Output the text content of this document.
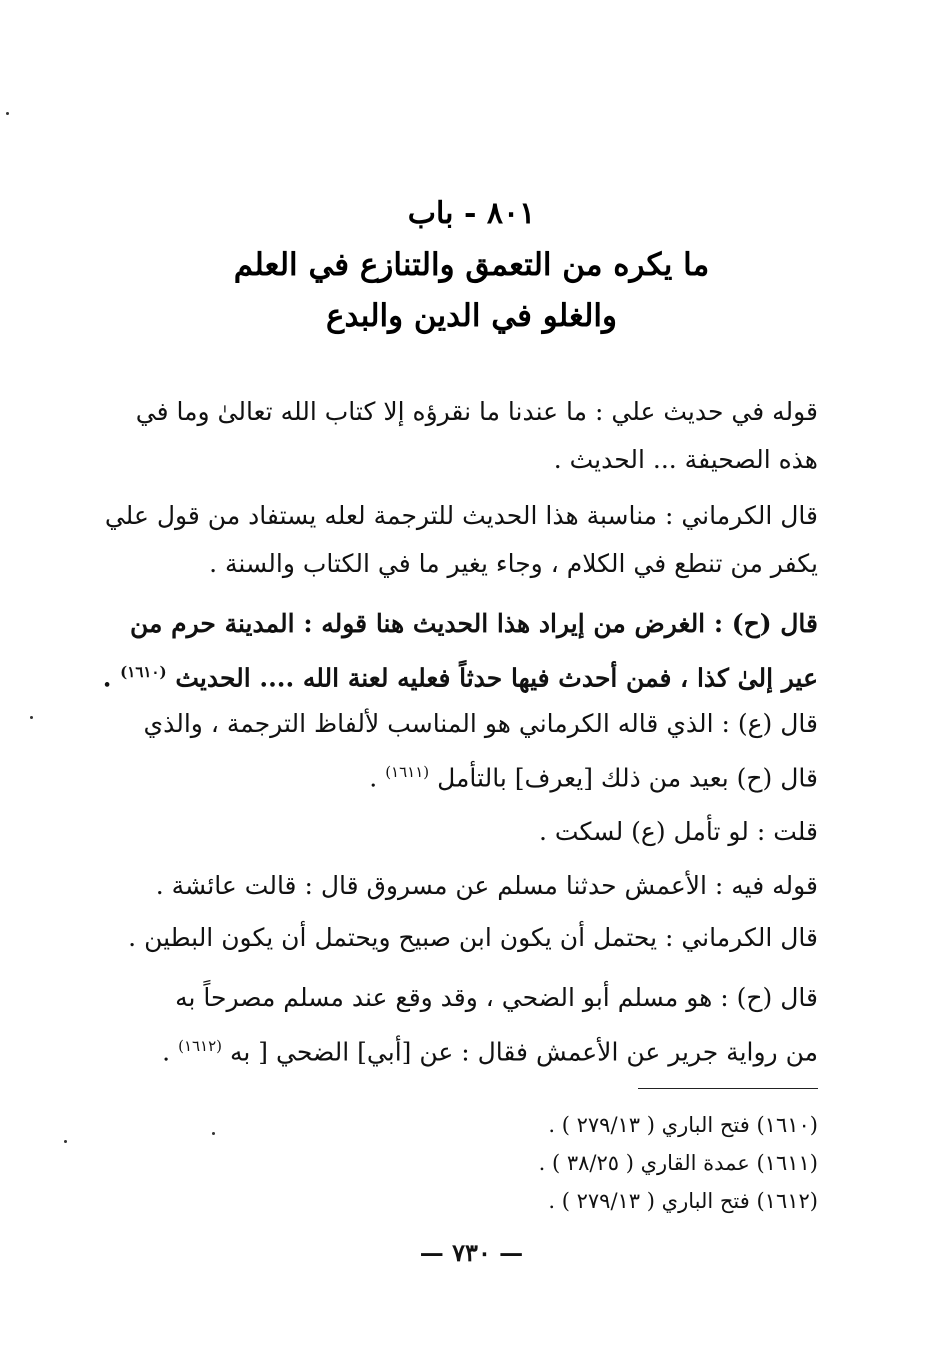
٨٠١ - باب
ما يكره من التعمق والتنازع في العلم
والغلو في الدين والبدع
قوله في حديث علي : ما عندنا ما نقرؤه إلا كتاب الله تعالىٰ وما في
هذه الصحيفة ... الحديث .
قال الكرماني : مناسبة هذا الحديث للترجمة لعله يستفاد من قول علي
يكفر من تنطع في الكلام ، وجاء يغير ما في الكتاب والسنة .
قال (ح) : الغرض من إيراد هذا الحديث هنا قوله : المدينة حرم من
عير إلىٰ كذا ، فمن أحدث فيها حدثاً فعليه لعنة الله .... الحديث $^{(١٦١٠)}$ .
قال (ع) : الذي قاله الكرماني هو المناسب لألفاظ الترجمة ، والذي
قال (ح) بعيد من ذلك [يعرف] بالتأمل $^{(١٦١١)}$ .
قلت : لو تأمل (ع) لسكت .
قوله فيه : الأعمش حدثنا مسلم عن مسروق قال : قالت عائشة .
قال الكرماني : يحتمل أن يكون ابن صبيح ويحتمل أن يكون البطين .
قال (ح) : هو مسلم أبو الضحي ، وقد وقع عند مسلم مصرحاً به
من رواية جرير عن الأعمش فقال : عن [أبي] الضحي [ به $^{(١٦١٢)}$ .
(١٦١٠) فتح الباري ( ٢٧٩/١٣ ) .
(١٦١١) عمدة القاري ( ٣٨/٢٥ ) .
(١٦١٢) فتح الباري ( ٢٧٩/١٣ ) .
— ٧٣٠ —
